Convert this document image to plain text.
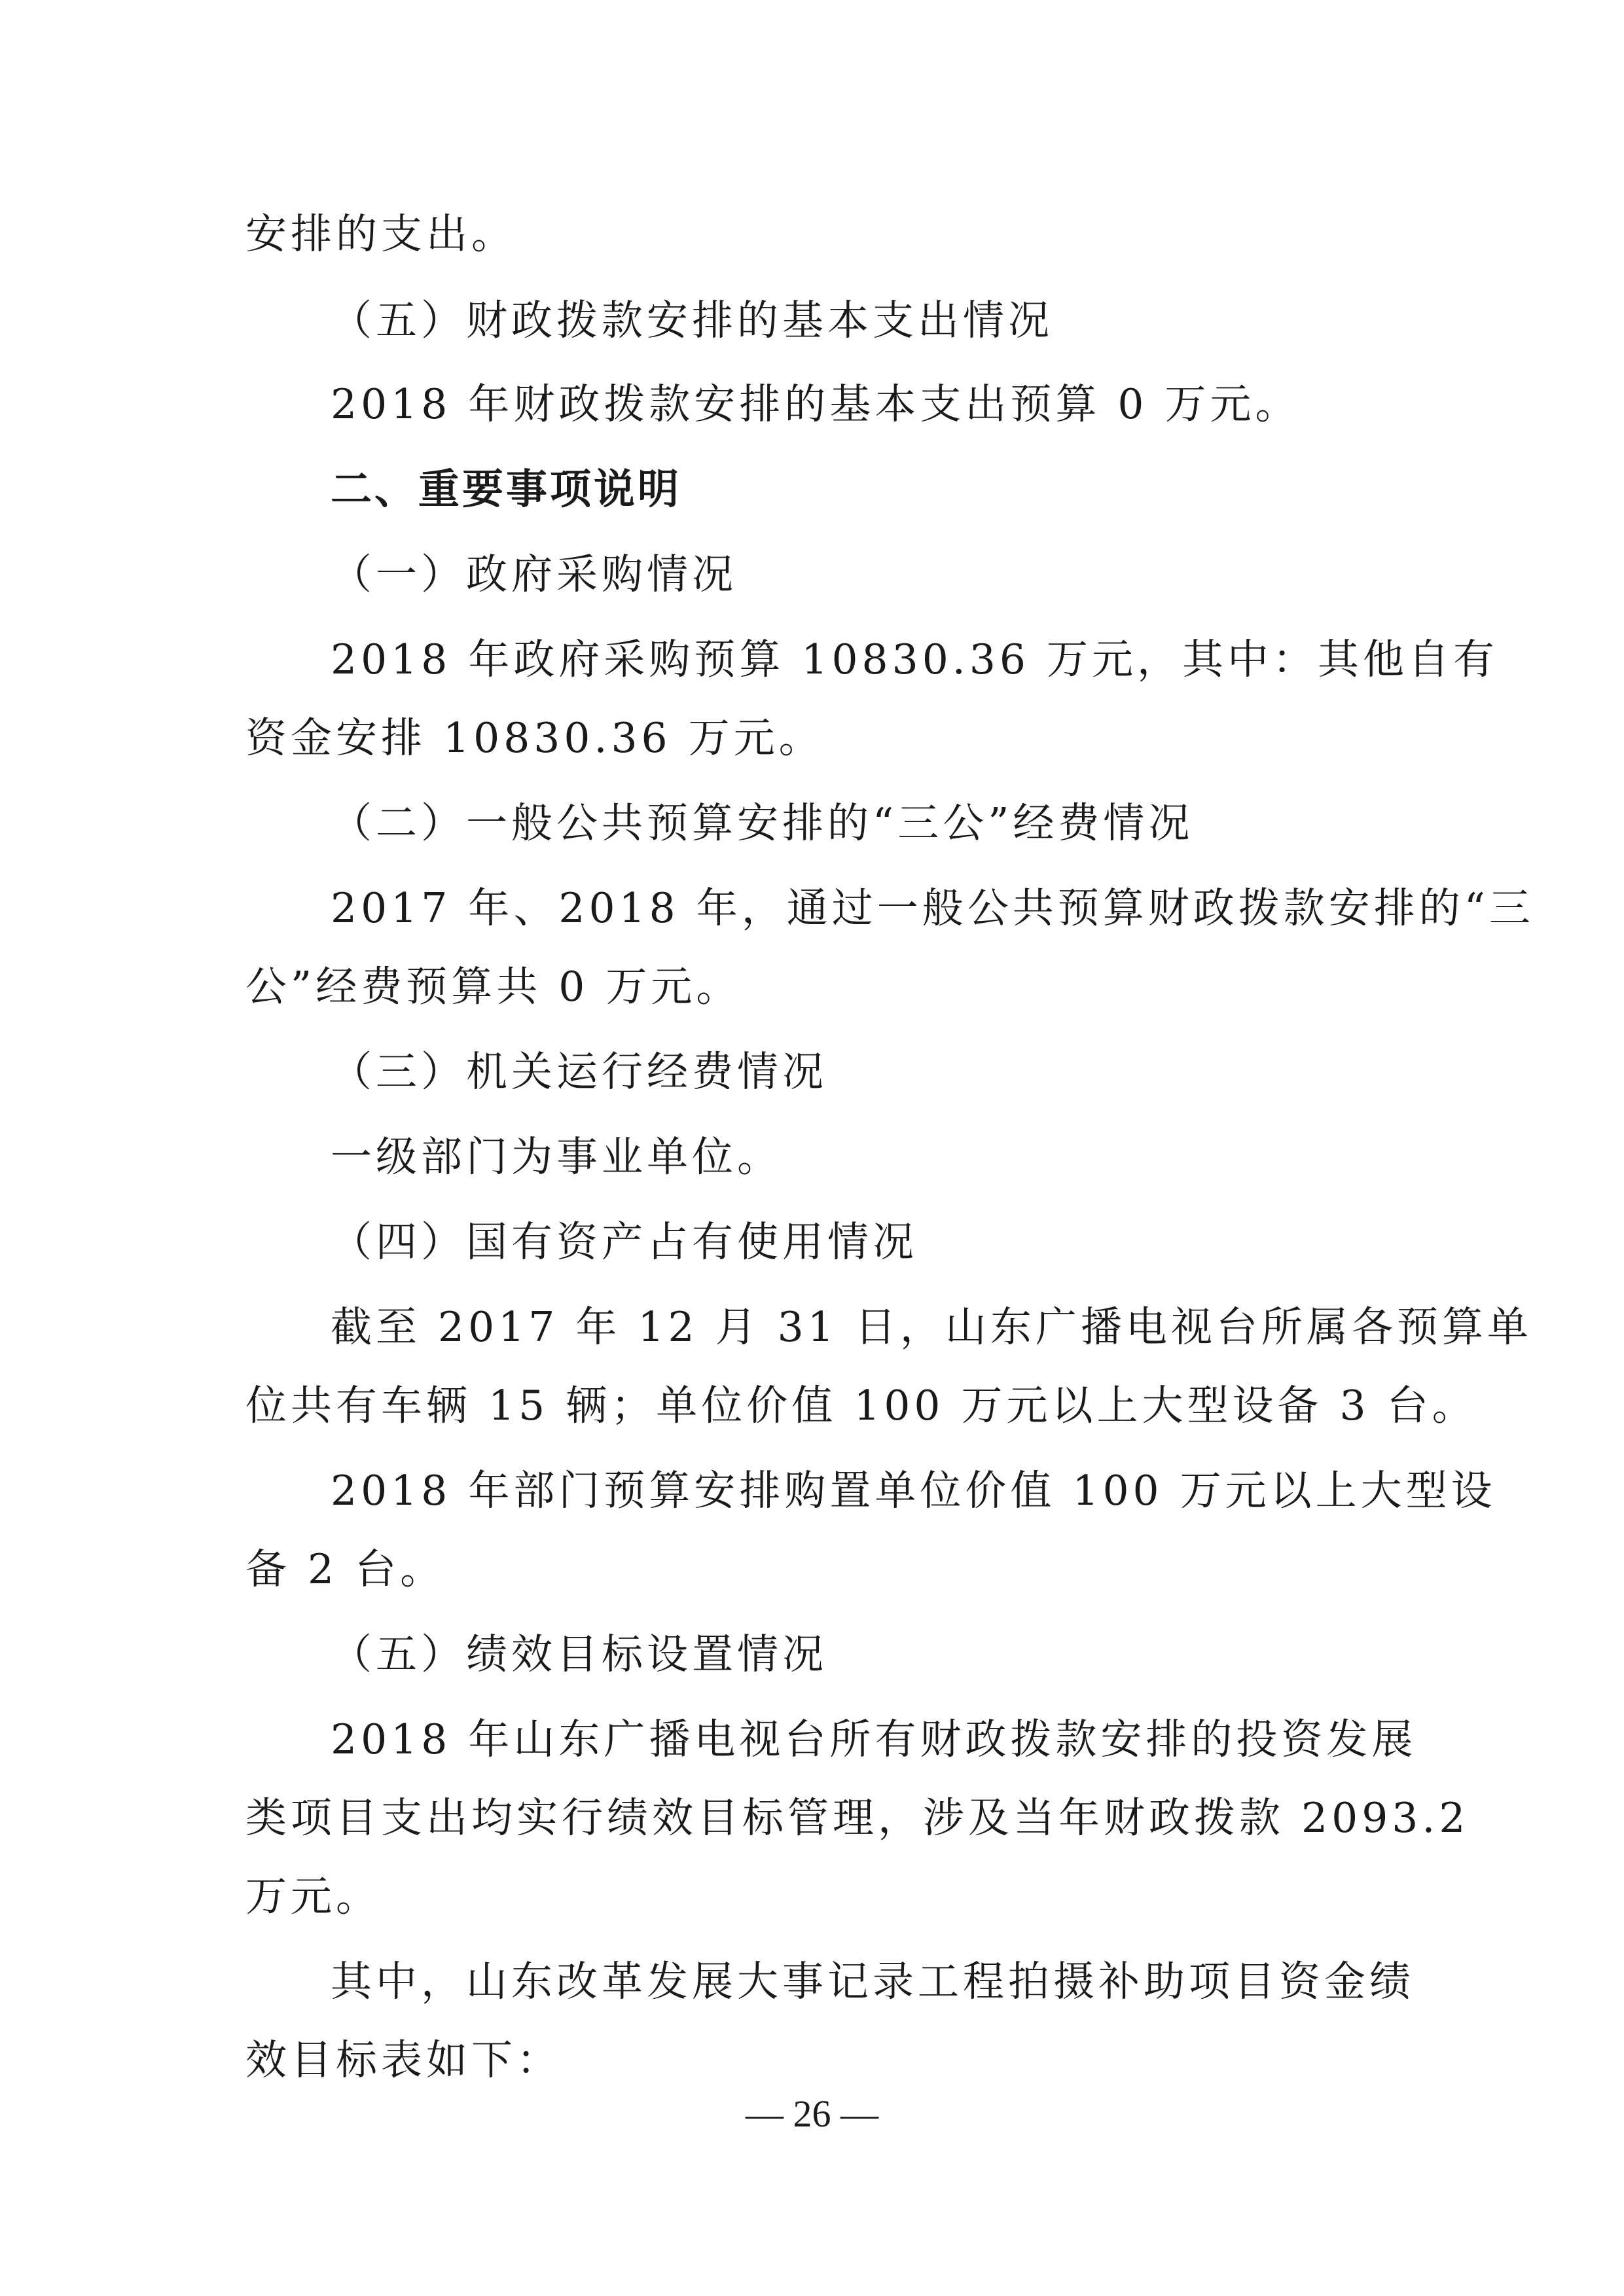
安排的支出。
（五）财政拨款安排的基本支出情况
2018 年财政拨款安排的基本支出预算 0 万元。
二、重要事项说明
（一）政府采购情况
2018 年政府采购预算 10830.36 万元，其中：其他自有
资金安排 10830.36 万元。
（二）一般公共预算安排的“三公”经费情况
2017 年、2018 年，通过一般公共预算财政拨款安排的“三
公”经费预算共 0 万元。
（三）机关运行经费情况
一级部门为事业单位。
（四）国有资产占有使用情况
截至 2017 年 12 月 31 日，山东广播电视台所属各预算单
位共有车辆 15 辆；单位价值 100 万元以上大型设备 3 台。
2018 年部门预算安排购置单位价值 100 万元以上大型设
备 2 台。
（五）绩效目标设置情况
2018 年山东广播电视台所有财政拨款安排的投资发展
类项目支出均实行绩效目标管理，涉及当年财政拨款 2093.2
万元。
其中，山东改革发展大事记录工程拍摄补助项目资金绩
效目标表如下：
— 26 —
